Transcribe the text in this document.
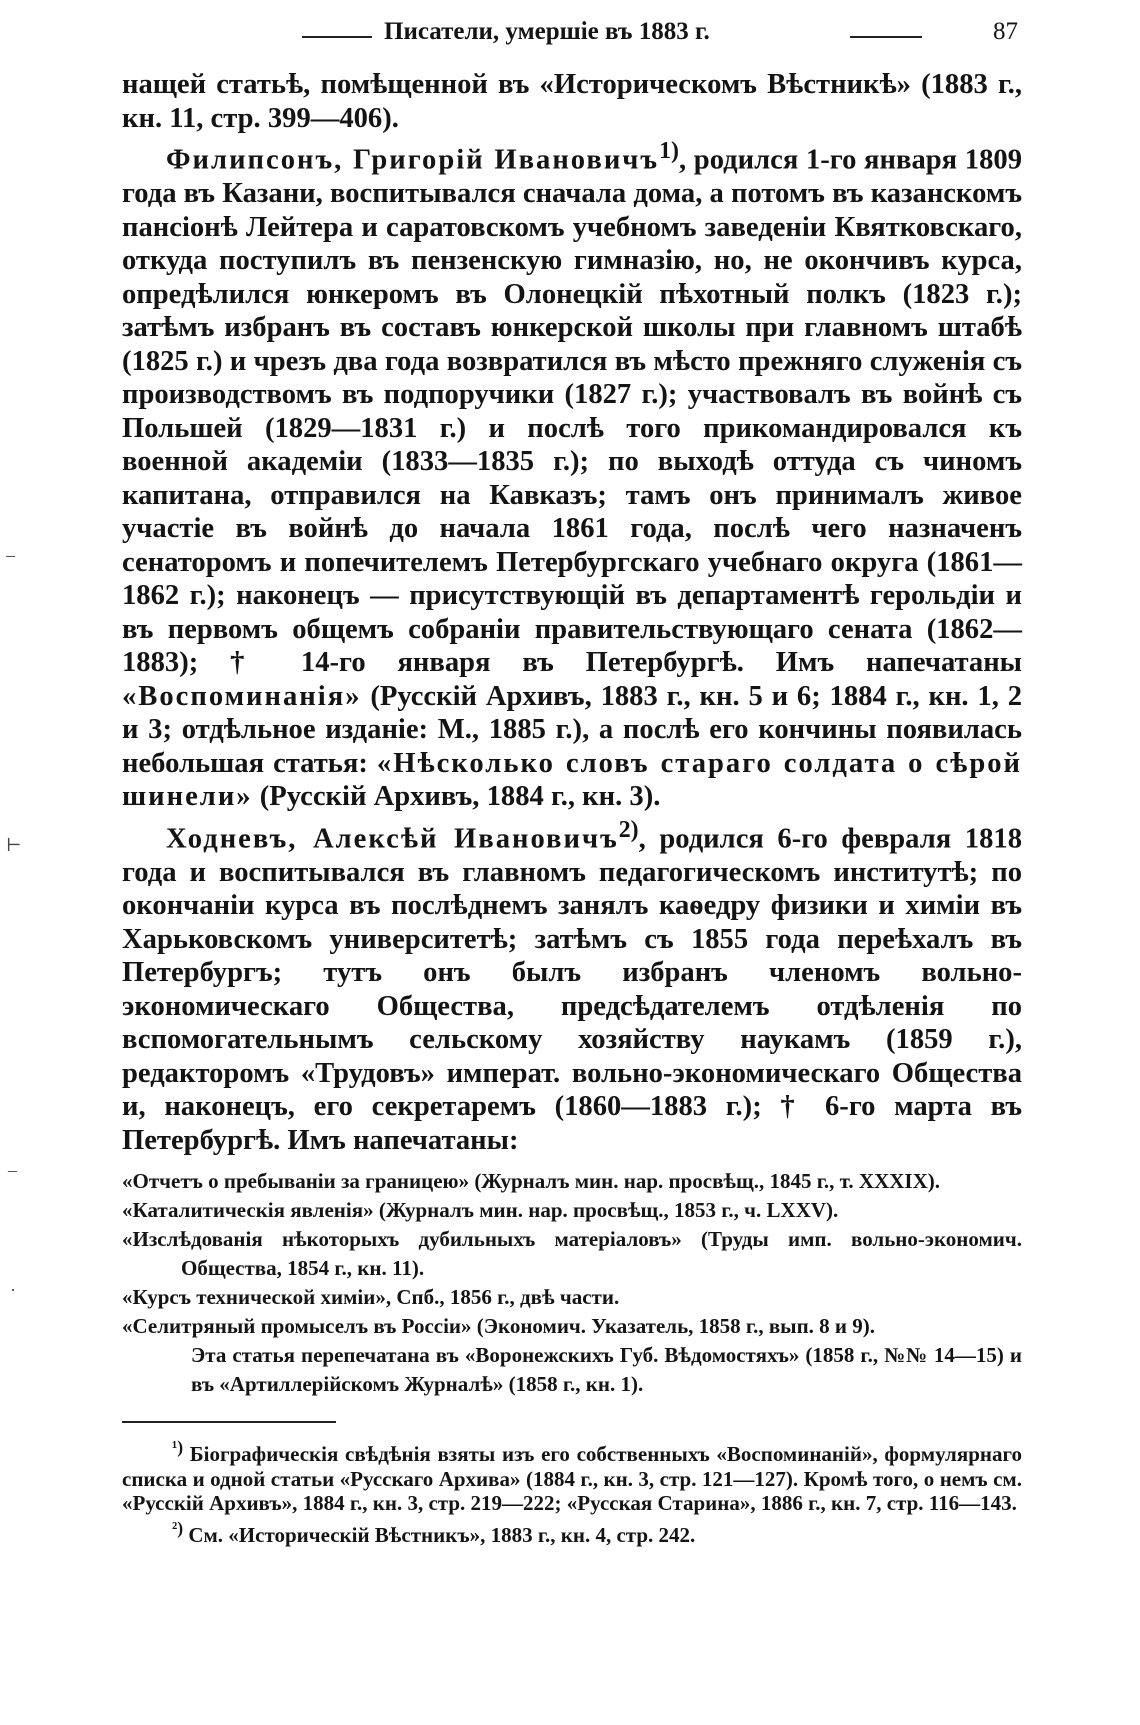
Писатели, умершіе въ 1883 г.	87

нащей статьѣ, помѣщенной въ «Историческомъ Вѣстникѣ» (1883 г., кн. 11, стр. 399—406).

Филипсонъ, Григорій Ивановичъ$^{1)}$, родился 1-го января 1809 года въ Казани, воспитывался сначала дома, а потомъ въ казанскомъ пансіонѣ Лейтера и саратовскомъ учебномъ заведеніи Квятковскаго, откуда поступилъ въ пензенскую гимназію, но, не окончивъ курса, опредѣлился юнкеромъ въ Олонецкій пѣхотный полкъ (1823 г.); затѣмъ избранъ въ составъ юнкерской школы при главномъ штабѣ (1825 г.) и чрезъ два года возвратился въ мѣсто прежняго служенія съ производствомъ въ подпоручики (1827 г.); участвовалъ въ войнѣ съ Польшей (1829—1831 г.) и послѣ того прикомандировался къ военной академіи (1833—1835 г.); по выходѣ оттуда съ чиномъ капитана, отправился на Кавказъ; тамъ онъ принималъ живое участіе въ войнѣ до начала 1861 года, послѣ чего назначенъ сенаторомъ и попечителемъ Петербургскаго учебнаго округа (1861—1862 г.); наконецъ — присутствующій въ департаментѣ герольдіи и въ первомъ общемъ собраніи правительствующаго сената (1862—1883); † 14-го января въ Петербургѣ. Имъ напечатаны «Воспоминанія» (Русскій Архивъ, 1883 г., кн. 5 и 6; 1884 г., кн. 1, 2 и 3; отдѣльное изданіе: М., 1885 г.), а послѣ его кончины появилась небольшая статья: «Нѣсколько словъ стараго солдата о сѣрой шинели» (Русскій Архивъ, 1884 г., кн. 3).

Ходневъ, Алексѣй Ивановичъ$^{2)}$, родился 6-го февраля 1818 года и воспитывался въ главномъ педагогическомъ институтѣ; по окончаніи курса въ послѣднемъ занялъ каѳедру физики и химіи въ Харьковскомъ университетѣ; затѣмъ съ 1855 года переѣхалъ въ Петербургъ; тутъ онъ былъ избранъ членомъ вольно-экономическаго Общества, предсѣдателемъ отдѣленія по вспомогательнымъ сельскому хозяйству наукамъ (1859 г.), редакторомъ «Трудовъ» императ. вольно-экономическаго Общества и, наконецъ, его секретаремъ (1860—1883 г.); † 6-го марта въ Петербургѣ. Имъ напечатаны:

«Отчетъ о пребываніи за границею» (Журналъ мин. нар. просвѣщ., 1845 г., т. XXXIX).
«Каталитическія явленія» (Журналъ мин. нар. просвѣщ., 1853 г., ч. LXXV).
«Изслѣдованія нѣкоторыхъ дубильныхъ матеріаловъ» (Труды имп. вольно-экономич. Общества, 1854 г., кн. 11).
«Курсъ технической химіи», Спб., 1856 г., двѣ части.
«Селитряный промыселъ въ Россіи» (Экономич. Указатель, 1858 г., вып. 8 и 9).
Эта статья перепечатана въ «Воронежскихъ Губ. Вѣдомостяхъ» (1858 г., №№ 14—15) и въ «Артиллерійскомъ Журналѣ» (1858 г., кн. 1).

$^{^1)}$ Біографическія свѣдѣнія взяты изъ его собственныхъ «Воспоминаній», формулярнаго списка и одной статьи «Русскаго Архива» (1884 г., кн. 3, стр. 121—127). Кромѣ того, о немъ см. «Русскій Архивъ», 1884 г., кн. 3, стр. 219—222; «Русская Старина», 1886 г., кн. 7, стр. 116—143.

$^{^2)}$ См. «Историческій Вѣстникъ», 1883 г., кн. 4, стр. 242.

–
⊢
–
·
